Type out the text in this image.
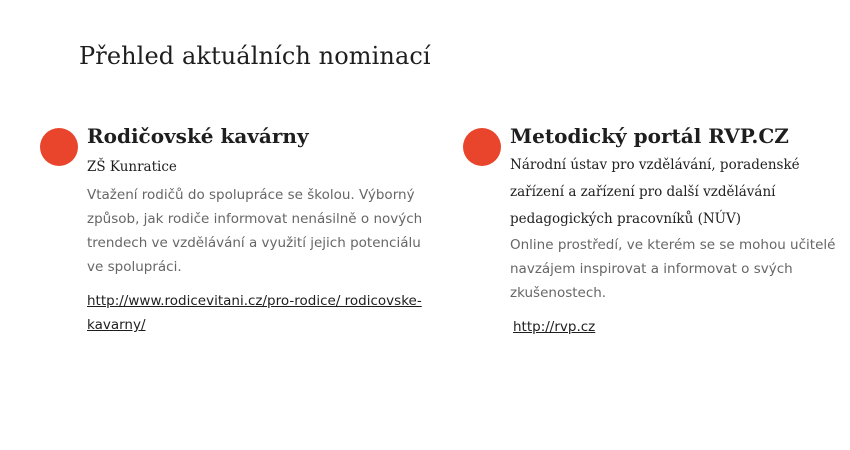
Přehled aktuálních nominací
Rodičovské kavárny

ZŠ Kunratice

Vtažení rodičů do spolupráce se školou. Výborný způsob, jak rodiče informovat nenásilně o nových trendech ve vzdělávání a využití jejich potenciálu ve spolupráci.

http://www.rodicevitani.cz/pro-rodice/ rodicovske-kavarny/
Metodický portál RVP.CZ

Národní ústav pro vzdělávání, poradenské zařízení a zařízení pro další vzdělávání pedagogických pracovníků (NÚV)

Online prostředí, ve kterém se se mohou učitelé navzájem inspirovat a informovat o svých zkušenostech.

http://rvp.cz
